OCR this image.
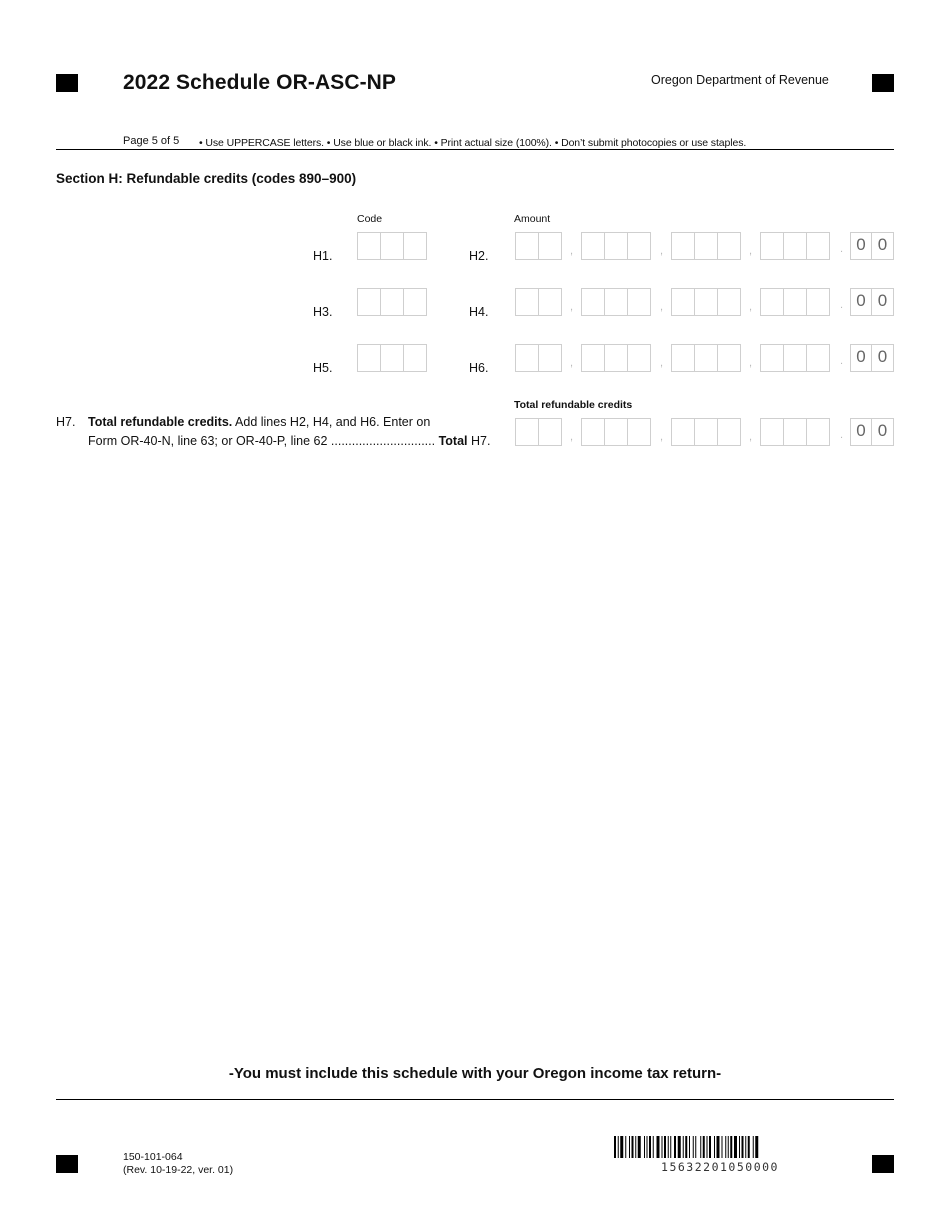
2022 Schedule OR-ASC-NP	Oregon Department of Revenue
Page 5 of 5 • Use UPPERCASE letters. • Use blue or black ink. • Print actual size (100%). • Don’t submit photocopies or use staples.
Section H: Refundable credits (codes 890–900)
Code	Amount
H1.	H2.	,	,	,	. 0 0
H3.	H4.	,	,	,	. 0 0
H5.	H6.	,	,	,	. 0 0
H7. Total refundable credits. Add lines H2, H4, and H6. Enter on
Form OR-40-N, line 63; or OR-40-P, line 62 .............................. Total H7.
Total refundable credits
,	,	,	. 0 0
-You must include this schedule with your Oregon income tax return-
150-101-064
(Rev. 10-19-22, ver. 01)	15632201050000
